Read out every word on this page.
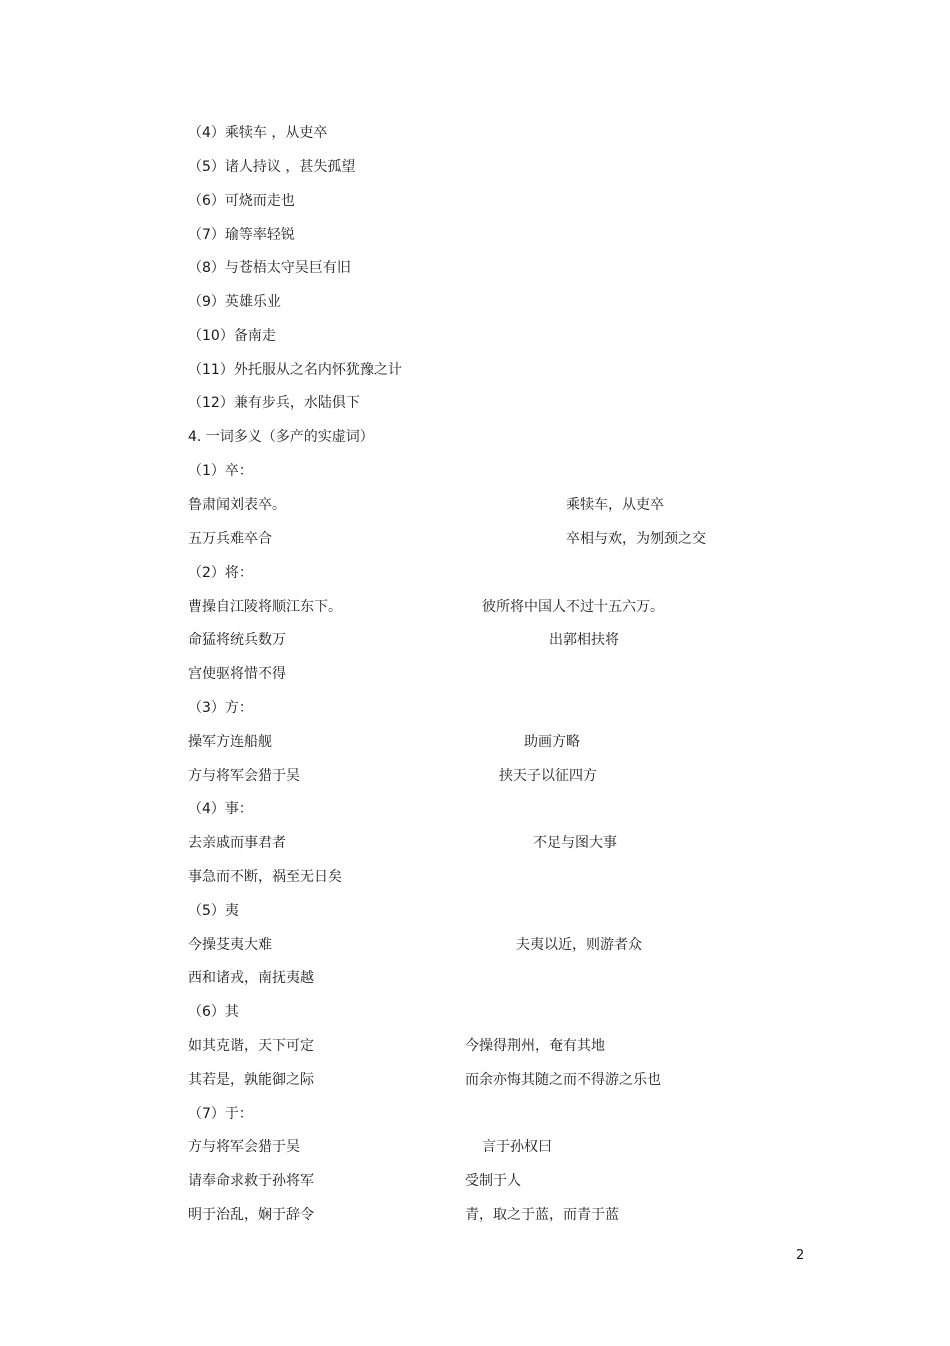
（4）乘犊车 ，从吏卒
（5）诸人持议 ，甚失孤望
（6）可烧而走也
（7）瑜等率轻锐
（8）与苍梧太守吴巨有旧
（9）英雄乐业
（10）备南走
（11）外托服从之名内怀犹豫之计
（12）兼有步兵，水陆俱下
4. 一词多义（多产的实虚词）
（1）卒：
鲁肃闻刘表卒。	乘犊车，从吏卒
五万兵难卒合	卒相与欢，为刎颈之交
（2）将：
曹操自江陵将顺江东下。	彼所将中国人不过十五六万。
命猛将统兵数万	出郭相扶将
宫使驱将惜不得
（3）方：
操军方连船舰	助画方略
方与将军会猎于吴	挟天子以征四方
（4）事：
去亲戚而事君者	不足与图大事
事急而不断，祸至无日矣
（5）夷
今操芟夷大难	夫夷以近，则游者众
西和诸戎，南抚夷越
（6）其
如其克谐，天下可定	今操得荆州，奄有其地
其若是，孰能御之际	而余亦悔其随之而不得游之乐也
（7）于：
方与将军会猎于吴	言于孙权曰
请奉命求救于孙将军	受制于人
明于治乱，娴于辞令	青，取之于蓝，而青于蓝
2
